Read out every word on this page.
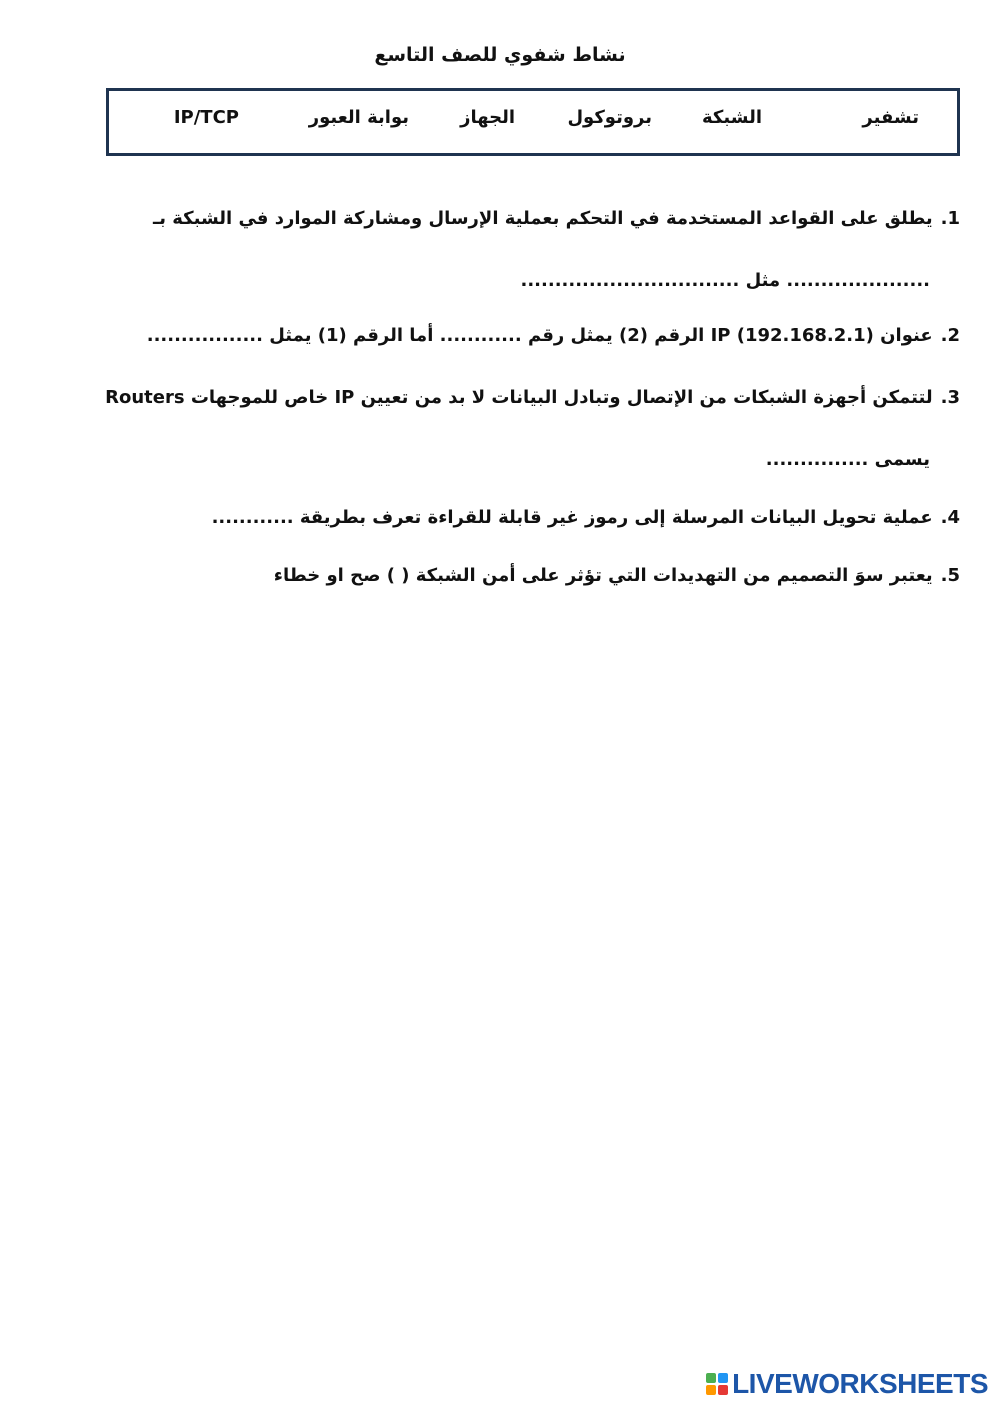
نشاط شفوي للصف التاسع
تشفير
الشبكة
بروتوكول
الجهاز
بوابة العبور
IP/TCP
1.يطلق على القواعد المستخدمة في التحكم بعملية الإرسال ومشاركة الموارد في الشبكة بـ
..................... مثل ................................
2.عنوان IP (192.168.2.1) الرقم (2) يمثل رقم ............ أما الرقم (1) يمثل .................
3.لتتمكن أجهزة الشبكات من الإتصال وتبادل البيانات لا بد من تعيين IP خاص للموجهات Routers
يسمى ...............
4.عملية تحويل البيانات المرسلة إلى رموز غير قابلة للقراءة تعرف بطريقة ............
5.يعتبر سوَ التصميم من التهديدات التي تؤثر على أمن الشبكة ( ) صح او خطاء
LIVEWORKSHEETS
